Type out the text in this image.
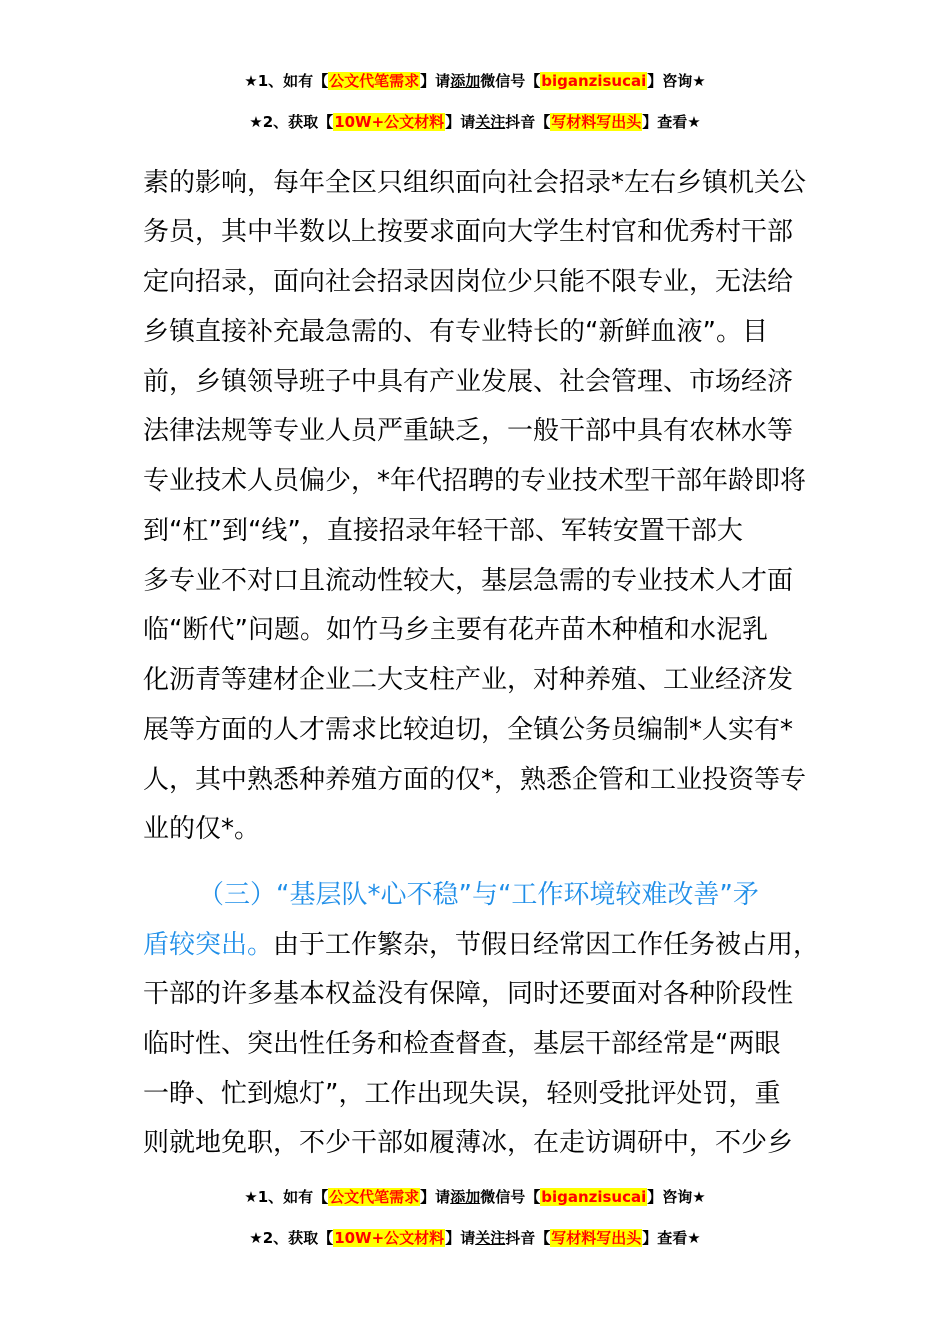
★1、如有【公文代笔需求】请添加微信号【biganzisucai】咨询★
★2、获取【10W+公文材料】请关注抖音【写材料写出头】查看★
素的影响，每年全区只组织面向社会招录*左右乡镇机关公
务员，其中半数以上按要求面向大学生村官和优秀村干部
定向招录，面向社会招录因岗位少只能不限专业，无法给
乡镇直接补充最急需的、有专业特长的“新鲜血液”。目
前，乡镇领导班子中具有产业发展、社会管理、市场经济
法律法规等专业人员严重缺乏，一般干部中具有农林水等
专业技术人员偏少，*年代招聘的专业技术型干部年龄即将
到“杠”到“线”，直接招录年轻干部、军转安置干部大
多专业不对口且流动性较大，基层急需的专业技术人才面
临“断代”问题。如竹马乡主要有花卉苗木种植和水泥乳
化沥青等建材企业二大支柱产业，对种养殖、工业经济发
展等方面的人才需求比较迫切，全镇公务员编制*人实有*
人，其中熟悉种养殖方面的仅*，熟悉企管和工业投资等专
业的仅*。
（三）“基层队*心不稳”与“工作环境较难改善”矛
盾较突出。由于工作繁杂，节假日经常因工作任务被占用，
干部的许多基本权益没有保障，同时还要面对各种阶段性
临时性、突出性任务和检查督查，基层干部经常是“两眼
一睁、忙到熄灯”，工作出现失误，轻则受批评处罚，重
则就地免职，不少干部如履薄冰，在走访调研中，不少乡
★1、如有【公文代笔需求】请添加微信号【biganzisucai】咨询★
★2、获取【10W+公文材料】请关注抖音【写材料写出头】查看★
